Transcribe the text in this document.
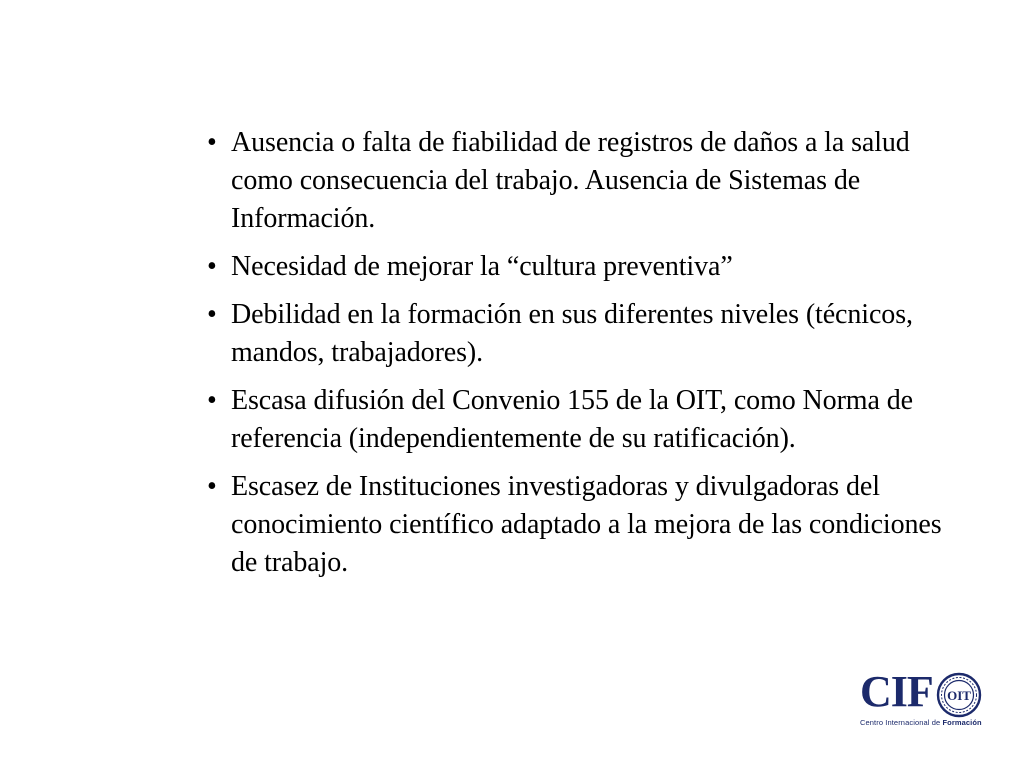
• Ausencia o falta de fiabilidad de registros de daños a la salud como consecuencia del trabajo. Ausencia de Sistemas de Información.
• Necesidad de mejorar la “cultura preventiva”
• Debilidad en la formación en sus diferentes niveles (técnicos, mandos, trabajadores).
• Escasa difusión del Convenio 155 de la OIT, como Norma de referencia (independientemente de su ratificación).
• Escasez de Instituciones investigadoras y divulgadoras del conocimiento científico adaptado a la mejora de las condiciones de trabajo.
CIF OIT
Centro Internacional de Formación
